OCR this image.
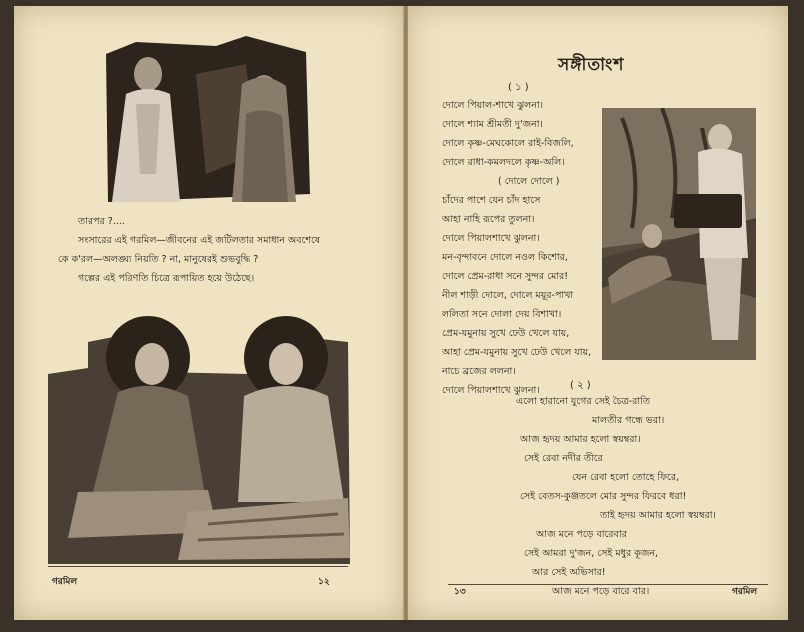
তারপর ?....
সংসারের এই গরমিল—জীবনের এই জটিলতার সমাধান অবশেষে
কে ক'রল—অলঙ্ঘ্য নিয়তি ? না, মানুষেরই শুভবুদ্ধি ?
গল্পের এই পরিণতি চিত্রে রূপায়িত হয়ে উঠেছে।
গরমিল	১২
সঙ্গীতাংশ
( ১ )
দোলে পিয়াল-শাখে ঝুলনা।
দোলে শ্যাম শ্রীমতী দু'জনা।
দোলে কৃষ্ণ-মেঘকোলে রাই-বিজলি,
দোলে রাধা-কমলদলে কৃষ্ণ-অলি।
( দোলে দোলে )
চাঁদের পাশে যেন চাঁদ হাসে
আহা নাহি রূপের তুলনা।
দোলে পিয়ালশাখে ঝুলনা।
মন-বৃন্দাবনে দোলে নওল কিশোর,
দোলে প্রেম-রাধা সনে সুন্দর মোর!
নীল শাড়ী দোলে, দোলে ময়ূর-পাখা
ললিতা সনে দোলা দেয় বিশাখা।
প্রেম-যমুনায় সুখে ঢেউ খেলে যায়,
আহা প্রেম-যমুনায় সুখে ঢেউ খেলে যায়,
নাচে ব্রজের ললনা।
দোলে পিয়ালশাখে ঝুলনা।	( ২ )
এলো হারানো যুগের সেই চৈত্র-রাতি
মালতীর গন্ধে ভরা।
আজ হৃদয় আমার হলো স্বয়ম্বরা।
সেই রেবা নদীর তীরে
যেন রেবা হলো তোহে ফিরে,
সেই বেতস-কুঞ্জতলে মোর সুন্দর ফিরবে ধরা!
তাই হৃদয় আমার হলো স্বয়ম্বরা।
আজ মনে পড়ে বারেবার
সেই আমরা দু'জন, সেই মধুর কূজন,
আর সেই অভিসার!
আজ মনে পড়ে বারে বার।
১৩	গরমিল
